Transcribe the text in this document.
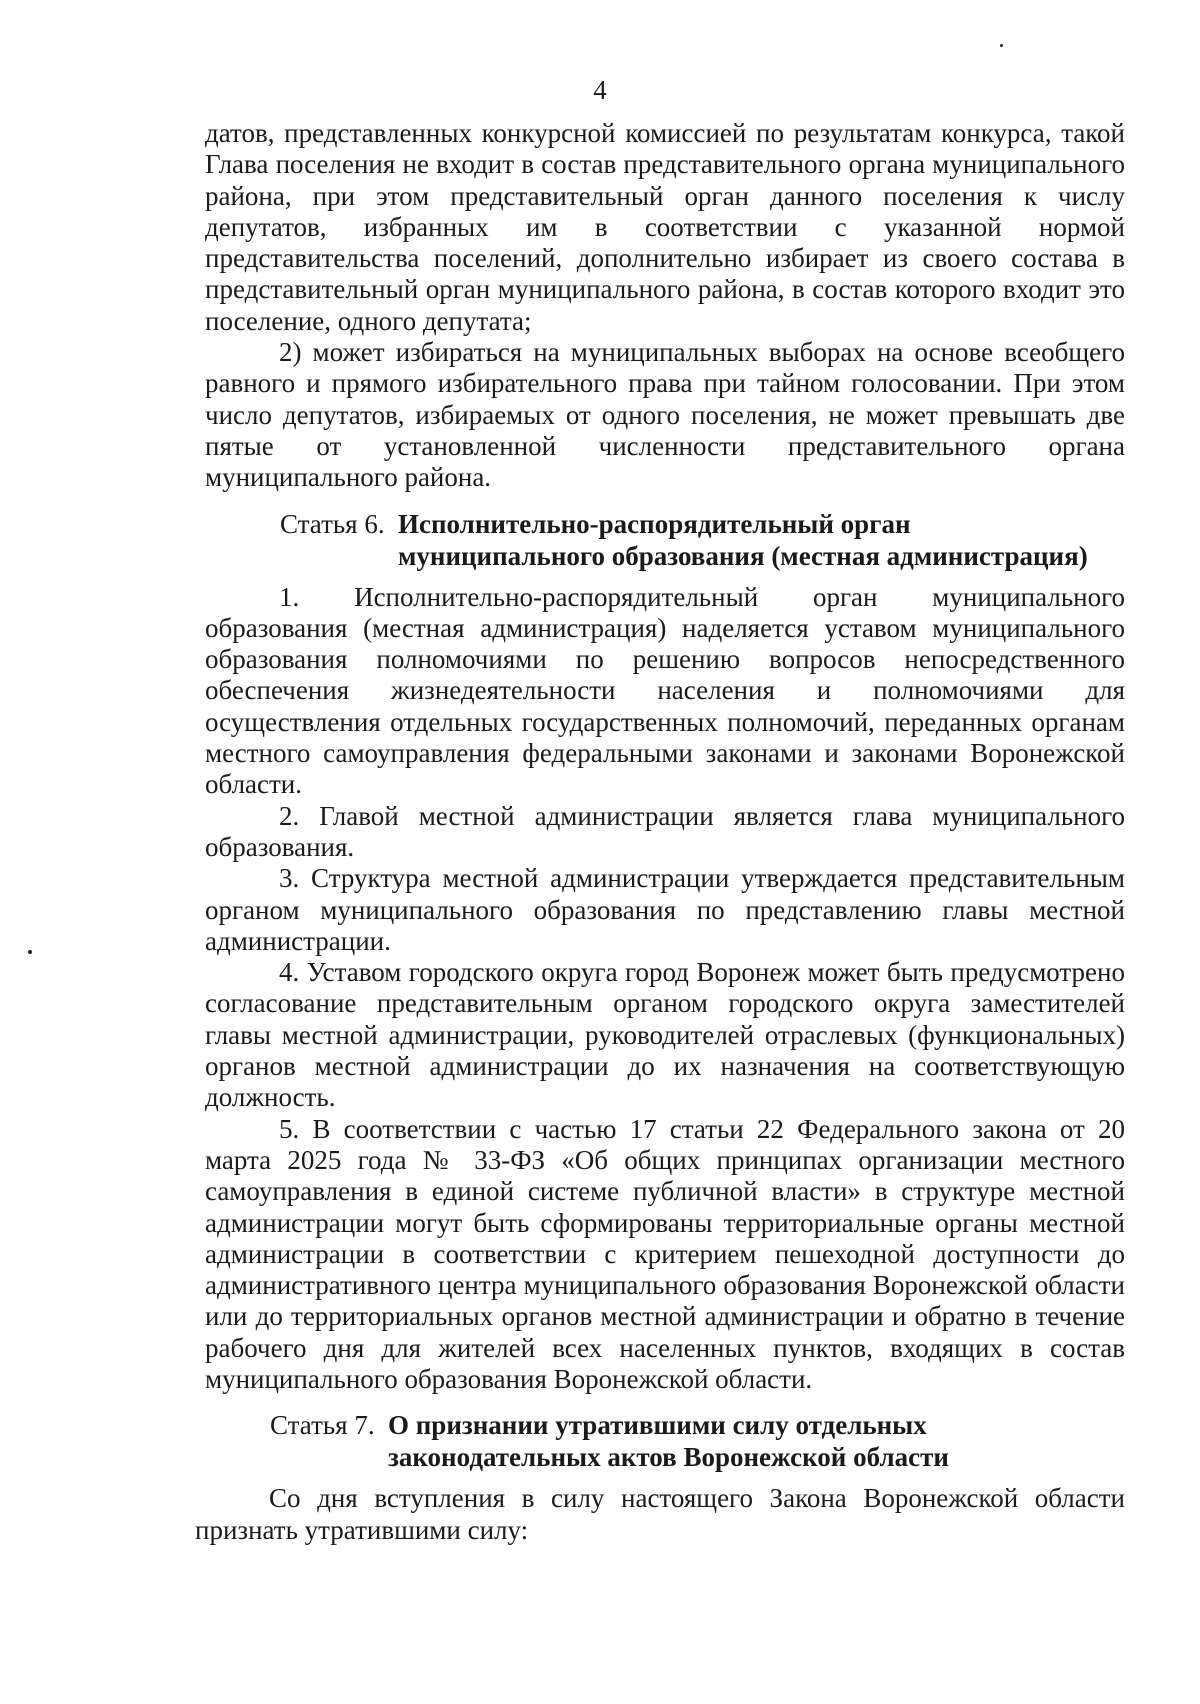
4

датов, представленных конкурсной комиссией по результатам конкурса, такой Глава поселения не входит в состав представительного органа муниципального района, при этом представительный орган данного поселения к числу депутатов, избранных им в соответствии с указанной нормой представительства поселений, дополнительно избирает из своего состава в представительный орган муниципального района, в состав которого входит это поселение, одного депутата;

2) может избираться на муниципальных выборах на основе всеобщего равного и прямого избирательного права при тайном голосовании. При этом число депутатов, избираемых от одного поселения, не может превышать две пятые от установленной численности представительного органа муниципального района.

Статья 6. Исполнительно-распорядительный орган
муниципального образования (местная администрация)

1. Исполнительно-распорядительный орган муниципального образования (местная администрация) наделяется уставом муниципального образования полномочиями по решению вопросов непосредственного обеспечения жизнедеятельности населения и полномочиями для осуществления отдельных государственных полномочий, переданных органам местного самоуправления федеральными законами и законами Воронежской области.

2. Главой местной администрации является глава муниципального образования.

3. Структура местной администрации утверждается представительным органом муниципального образования по представлению главы местной администрации.

4. Уставом городского округа город Воронеж может быть предусмотрено согласование представительным органом городского округа заместителей главы местной администрации, руководителей отраслевых (функциональных) органов местной администрации до их назначения на соответствующую должность.

5. В соответствии с частью 17 статьи 22 Федерального закона от 20 марта 2025 года № 33-ФЗ «Об общих принципах организации местного самоуправления в единой системе публичной власти» в структуре местной администрации могут быть сформированы территориальные органы местной администрации в соответствии с критерием пешеходной доступности до административного центра муниципального образования Воронежской области или до территориальных органов местной администрации и обратно в течение рабочего дня для жителей всех населенных пунктов, входящих в состав муниципального образования Воронежской области.

Статья 7. О признании утратившими силу отдельных
законодательных актов Воронежской области

Со дня вступления в силу настоящего Закона Воронежской области признать утратившими силу:
